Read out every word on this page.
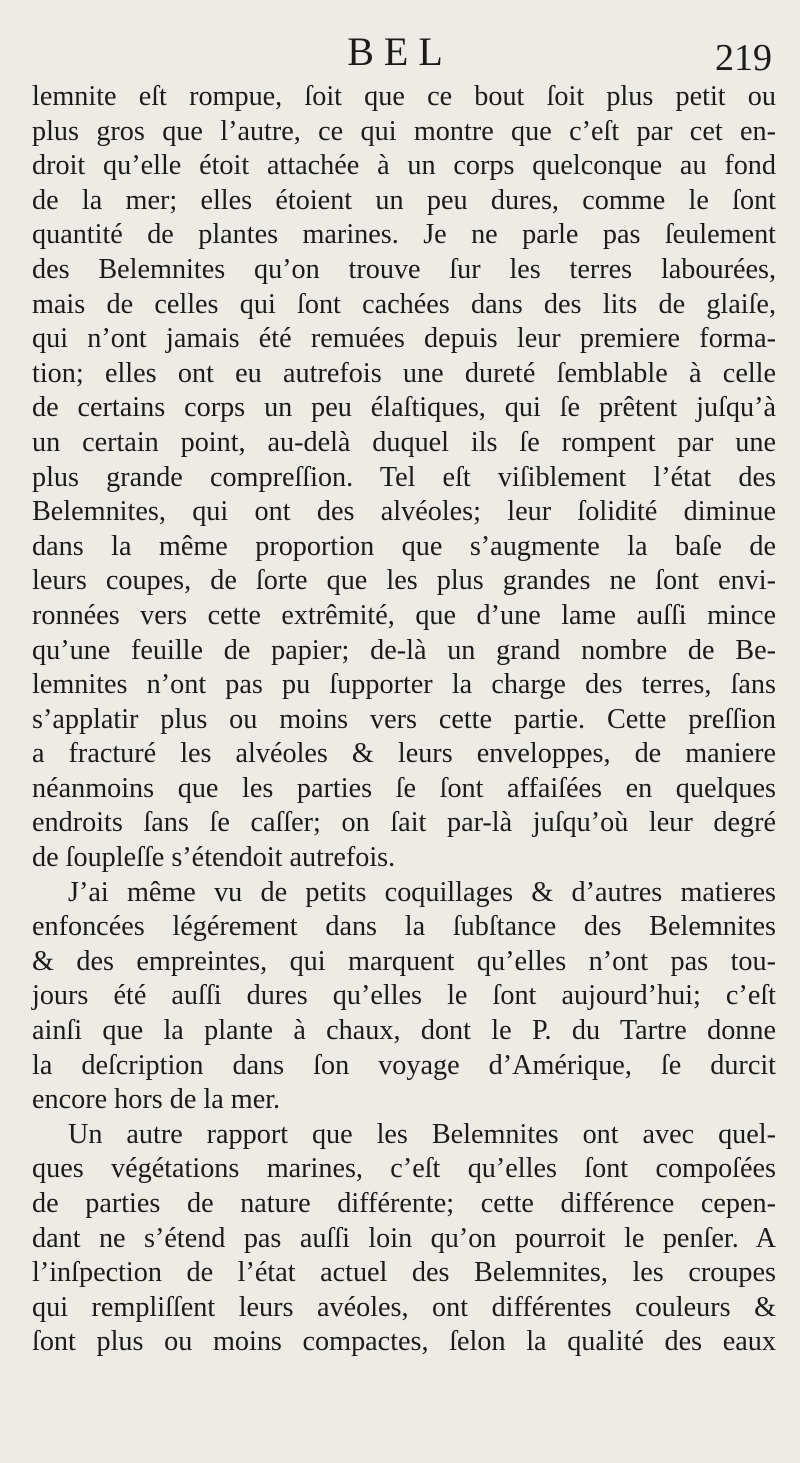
BEL	219
lemnite eſt rompue, ſoit que ce bout ſoit plus petit ou
plus gros que l’autre, ce qui montre que c’eſt par cet en-
droit qu’elle étoit attachée à un corps quelconque au fond
de la mer; elles étoient un peu dures, comme le ſont
quantité de plantes marines. Je ne parle pas ſeulement
des Belemnites qu’on trouve ſur les terres labourées,
mais de celles qui ſont cachées dans des lits de glaiſe,
qui n’ont jamais été remuées depuis leur premiere forma-
tion; elles ont eu autrefois une dureté ſemblable à celle
de certains corps un peu élaſtiques, qui ſe prêtent juſqu’à
un certain point, au-delà duquel ils ſe rompent par une
plus grande compreſſion. Tel eſt viſiblement l’état des
Belemnites, qui ont des alvéoles; leur ſolidité diminue
dans la même proportion que s’augmente la baſe de
leurs coupes, de ſorte que les plus grandes ne ſont envi-
ronnées vers cette extrêmité, que d’une lame auſſi mince
qu’une feuille de papier; de-là un grand nombre de Be-
lemnites n’ont pas pu ſupporter la charge des terres, ſans
s’applatir plus ou moins vers cette partie. Cette preſſion
a fracturé les alvéoles & leurs enveloppes, de maniere
néanmoins que les parties ſe ſont affaiſées en quelques
endroits ſans ſe caſſer; on ſait par-là juſqu’où leur degré
de ſoupleſſe s’étendoit autrefois.
J’ai même vu de petits coquillages & d’autres matieres
enfoncées légérement dans la ſubſtance des Belemnites
& des empreintes, qui marquent qu’elles n’ont pas tou-
jours été auſſi dures qu’elles le ſont aujourd’hui; c’eſt
ainſi que la plante à chaux, dont le P. du Tartre donne
la deſcription dans ſon voyage d’Amérique, ſe durcit
encore hors de la mer.
Un autre rapport que les Belemnites ont avec quel-
ques végétations marines, c’eſt qu’elles ſont compoſées
de parties de nature différente; cette différence cepen-
dant ne s’étend pas auſſi loin qu’on pourroit le penſer. A
l’inſpection de l’état actuel des Belemnites, les croupes
qui rempliſſent leurs avéoles, ont différentes couleurs &
ſont plus ou moins compactes, ſelon la qualité des eaux
